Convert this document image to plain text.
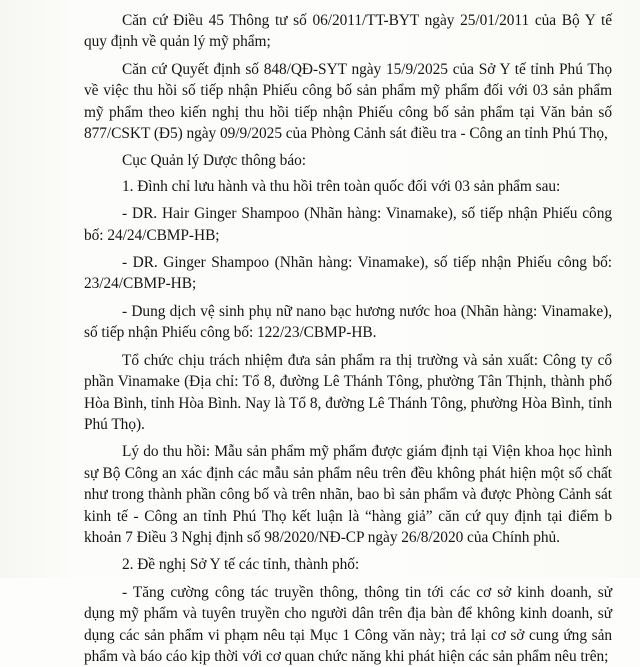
Căn cứ Điều 45 Thông tư số 06/2011/TT-BYT ngày 25/01/2011 của Bộ Y tế quy định về quản lý mỹ phẩm;

Căn cứ Quyết định số 848/QĐ-SYT ngày 15/9/2025 của Sở Y tế tỉnh Phú Thọ về việc thu hồi số tiếp nhận Phiếu công bố sản phẩm mỹ phẩm đối với 03 sản phẩm mỹ phẩm theo kiến nghị thu hồi tiếp nhận Phiếu công bố sản phẩm tại Văn bản số 877/CSKT (Đ5) ngày 09/9/2025 của Phòng Cảnh sát điều tra - Công an tỉnh Phú Thọ,

Cục Quản lý Dược thông báo:

1. Đình chỉ lưu hành và thu hồi trên toàn quốc đối với 03 sản phẩm sau:

- DR. Hair Ginger Shampoo (Nhãn hàng: Vinamake), số tiếp nhận Phiếu công bố: 24/24/CBMP-HB;

- DR. Ginger Shampoo (Nhãn hàng: Vinamake), số tiếp nhận Phiếu công bố: 23/24/CBMP-HB;

- Dung dịch vệ sinh phụ nữ nano bạc hương nước hoa (Nhãn hàng: Vinamake), số tiếp nhận Phiếu công bố: 122/23/CBMP-HB.

Tổ chức chịu trách nhiệm đưa sản phẩm ra thị trường và sản xuất: Công ty cổ phần Vinamake (Địa chỉ: Tổ 8, đường Lê Thánh Tông, phường Tân Thịnh, thành phố Hòa Bình, tỉnh Hòa Bình. Nay là Tổ 8, đường Lê Thánh Tông, phường Hòa Bình, tỉnh Phú Thọ).

Lý do thu hồi: Mẫu sản phẩm mỹ phẩm được giám định tại Viện khoa học hình sự Bộ Công an xác định các mẫu sản phẩm nêu trên đều không phát hiện một số chất như trong thành phần công bố và trên nhãn, bao bì sản phẩm và được Phòng Cảnh sát kinh tế - Công an tỉnh Phú Thọ kết luận là “hàng giả” căn cứ quy định tại điểm b khoản 7 Điều 3 Nghị định số 98/2020/NĐ-CP ngày 26/8/2020 của Chính phủ.

2. Đề nghị Sở Y tế các tỉnh, thành phố:

- Tăng cường công tác truyền thông, thông tin tới các cơ sở kinh doanh, sử dụng mỹ phẩm và tuyên truyền cho người dân trên địa bàn để không kinh doanh, sử dụng các sản phẩm vi phạm nêu tại Mục 1 Công văn này; trả lại cơ sở cung ứng sản phẩm và báo cáo kịp thời với cơ quan chức năng khi phát hiện các sản phẩm nêu trên;
